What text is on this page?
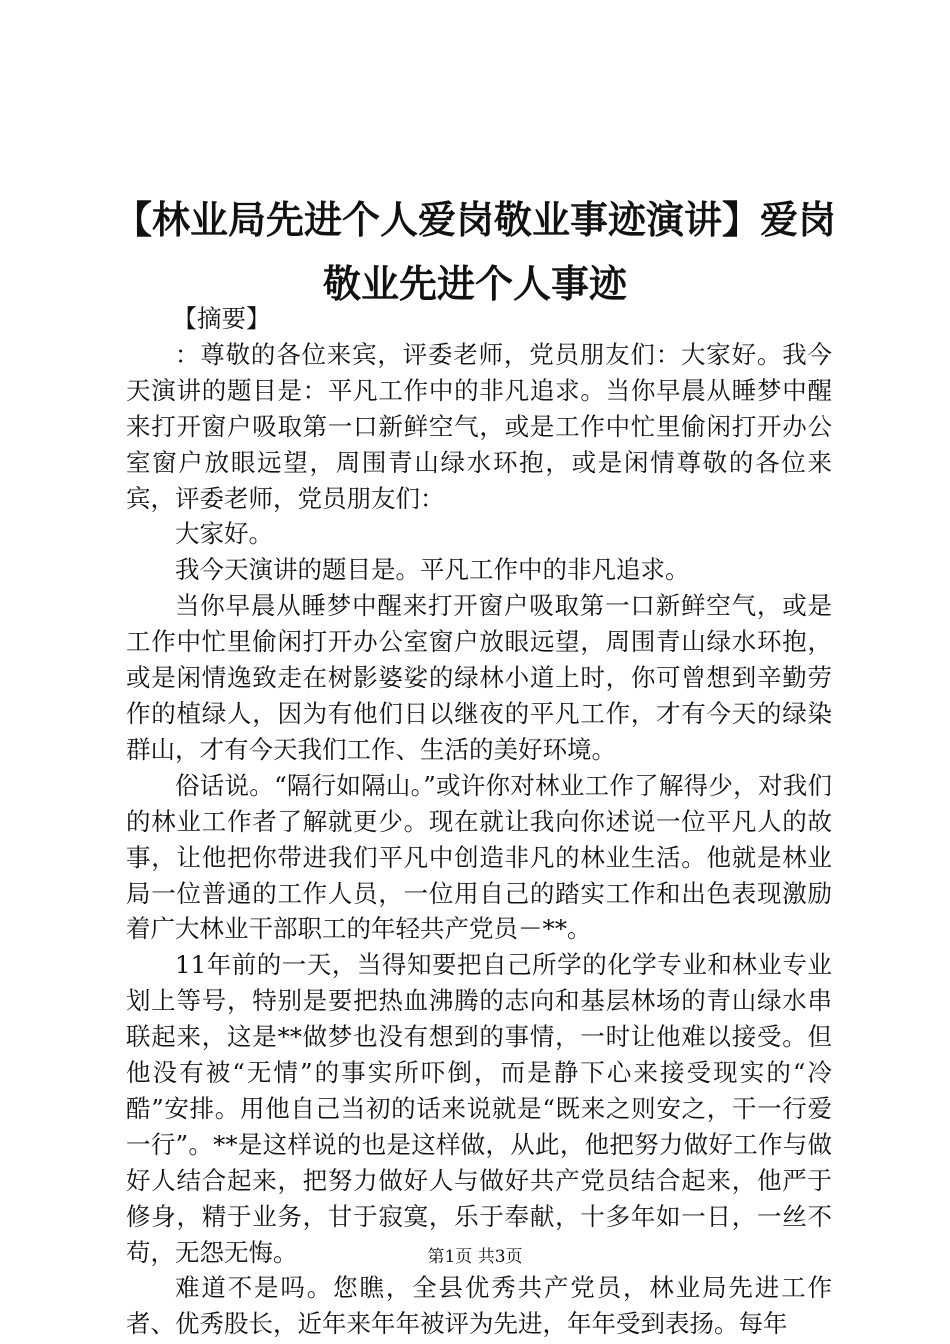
【林业局先进个人爱岗敬业事迹演讲】爱岗敬业先进个人事迹

【摘要】

：尊敬的各位来宾，评委老师，党员朋友们：大家好。我今天演讲的题目是：平凡工作中的非凡追求。当你早晨从睡梦中醒来打开窗户吸取第一口新鲜空气，或是工作中忙里偷闲打开办公室窗户放眼远望，周围青山绿水环抱，或是闲情尊敬的各位来宾，评委老师，党员朋友们：

大家好。

我今天演讲的题目是。平凡工作中的非凡追求。

当你早晨从睡梦中醒来打开窗户吸取第一口新鲜空气，或是工作中忙里偷闲打开办公室窗户放眼远望，周围青山绿水环抱，或是闲情逸致走在树影婆娑的绿林小道上时，你可曾想到辛勤劳作的植绿人，因为有他们日以继夜的平凡工作，才有今天的绿染群山，才有今天我们工作、生活的美好环境。

俗话说。“隔行如隔山。”或许你对林业工作了解得少，对我们的林业工作者了解就更少。现在就让我向你述说一位平凡人的故事，让他把你带进我们平凡中创造非凡的林业生活。他就是林业局一位普通的工作人员，一位用自己的踏实工作和出色表现激励着广大林业干部职工的年轻共产党员－**。

11年前的一天，当得知要把自己所学的化学专业和林业专业划上等号，特别是要把热血沸腾的志向和基层林场的青山绿水串联起来，这是**做梦也没有想到的事情，一时让他难以接受。但他没有被“无情”的事实所吓倒，而是静下心来接受现实的“冷酷”安排。用他自己当初的话来说就是“既来之则安之，干一行爱一行”。**是这样说的也是这样做，从此，他把努力做好工作与做好人结合起来，把努力做好人与做好共产党员结合起来，他严于修身，精于业务，甘于寂寞，乐于奉献，十多年如一日，一丝不苟，无怨无悔。

难道不是吗。您瞧，全县优秀共产党员，林业局先进工作者、优秀股长，近年来年年被评为先进，年年受到表扬。每年

第1页 共3页
